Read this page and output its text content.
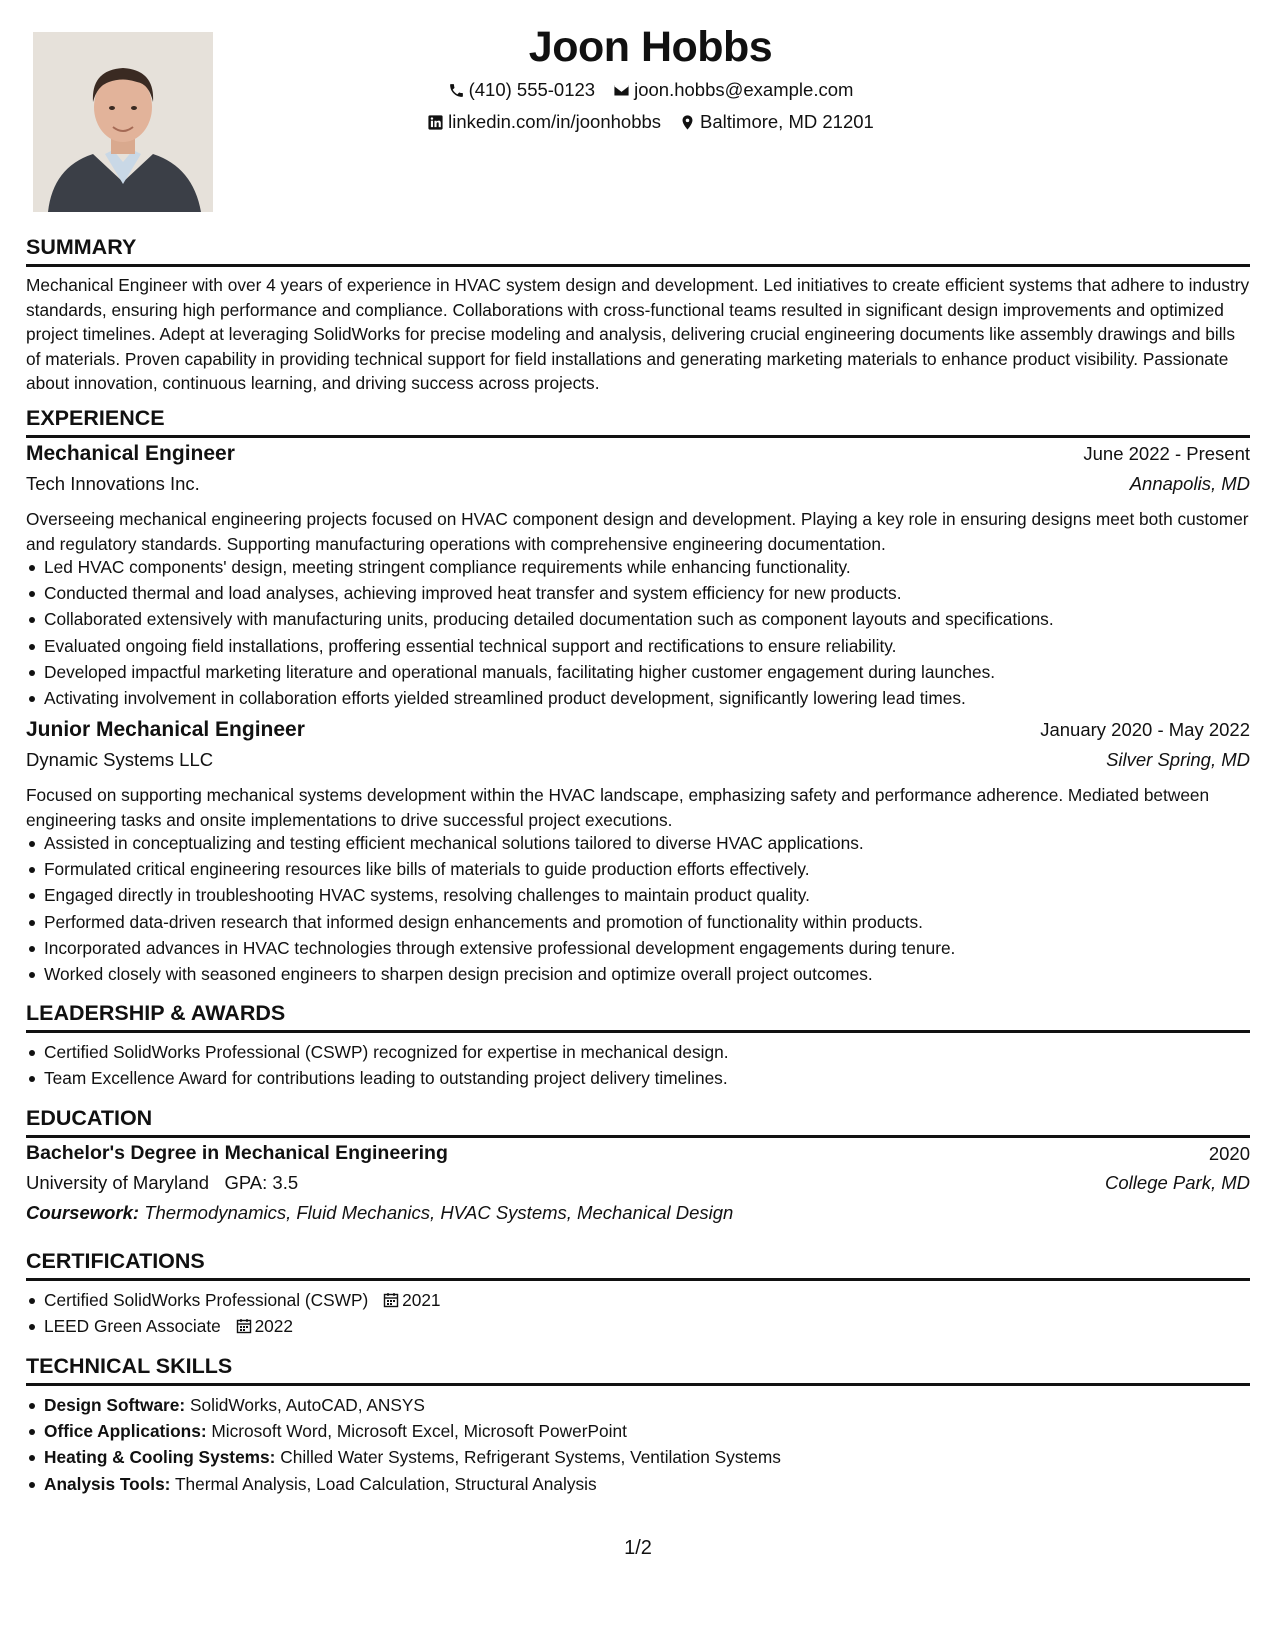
Joon Hobbs
(410) 555-0123 joon.hobbs@example.com
linkedin.com/in/joonhobbs Baltimore, MD 21201
SUMMARY
Mechanical Engineer with over 4 years of experience in HVAC system design and development. Led initiatives to create efficient systems that adhere to industry standards, ensuring high performance and compliance. Collaborations with cross-functional teams resulted in significant design improvements and optimized project timelines. Adept at leveraging SolidWorks for precise modeling and analysis, delivering crucial engineering documents like assembly drawings and bills of materials. Proven capability in providing technical support for field installations and generating marketing materials to enhance product visibility. Passionate about innovation, continuous learning, and driving success across projects.
EXPERIENCE
Mechanical Engineer	June 2022 - Present
Tech Innovations Inc.	Annapolis, MD
Overseeing mechanical engineering projects focused on HVAC component design and development. Playing a key role in ensuring designs meet both customer and regulatory standards. Supporting manufacturing operations with comprehensive engineering documentation.
Led HVAC components' design, meeting stringent compliance requirements while enhancing functionality.
Conducted thermal and load analyses, achieving improved heat transfer and system efficiency for new products.
Collaborated extensively with manufacturing units, producing detailed documentation such as component layouts and specifications.
Evaluated ongoing field installations, proffering essential technical support and rectifications to ensure reliability.
Developed impactful marketing literature and operational manuals, facilitating higher customer engagement during launches.
Activating involvement in collaboration efforts yielded streamlined product development, significantly lowering lead times.
Junior Mechanical Engineer	January 2020 - May 2022
Dynamic Systems LLC	Silver Spring, MD
Focused on supporting mechanical systems development within the HVAC landscape, emphasizing safety and performance adherence. Mediated between engineering tasks and onsite implementations to drive successful project executions.
Assisted in conceptualizing and testing efficient mechanical solutions tailored to diverse HVAC applications.
Formulated critical engineering resources like bills of materials to guide production efforts effectively.
Engaged directly in troubleshooting HVAC systems, resolving challenges to maintain product quality.
Performed data-driven research that informed design enhancements and promotion of functionality within products.
Incorporated advances in HVAC technologies through extensive professional development engagements during tenure.
Worked closely with seasoned engineers to sharpen design precision and optimize overall project outcomes.
LEADERSHIP & AWARDS
Certified SolidWorks Professional (CSWP) recognized for expertise in mechanical design.
Team Excellence Award for contributions leading to outstanding project delivery timelines.
EDUCATION
Bachelor's Degree in Mechanical Engineering	2020
University of Maryland GPA: 3.5	College Park, MD
Coursework: Thermodynamics, Fluid Mechanics, HVAC Systems, Mechanical Design
CERTIFICATIONS
Certified SolidWorks Professional (CSWP) 2021
LEED Green Associate 2022
TECHNICAL SKILLS
Design Software: SolidWorks, AutoCAD, ANSYS
Office Applications: Microsoft Word, Microsoft Excel, Microsoft PowerPoint
Heating & Cooling Systems: Chilled Water Systems, Refrigerant Systems, Ventilation Systems
Analysis Tools: Thermal Analysis, Load Calculation, Structural Analysis
1/2
